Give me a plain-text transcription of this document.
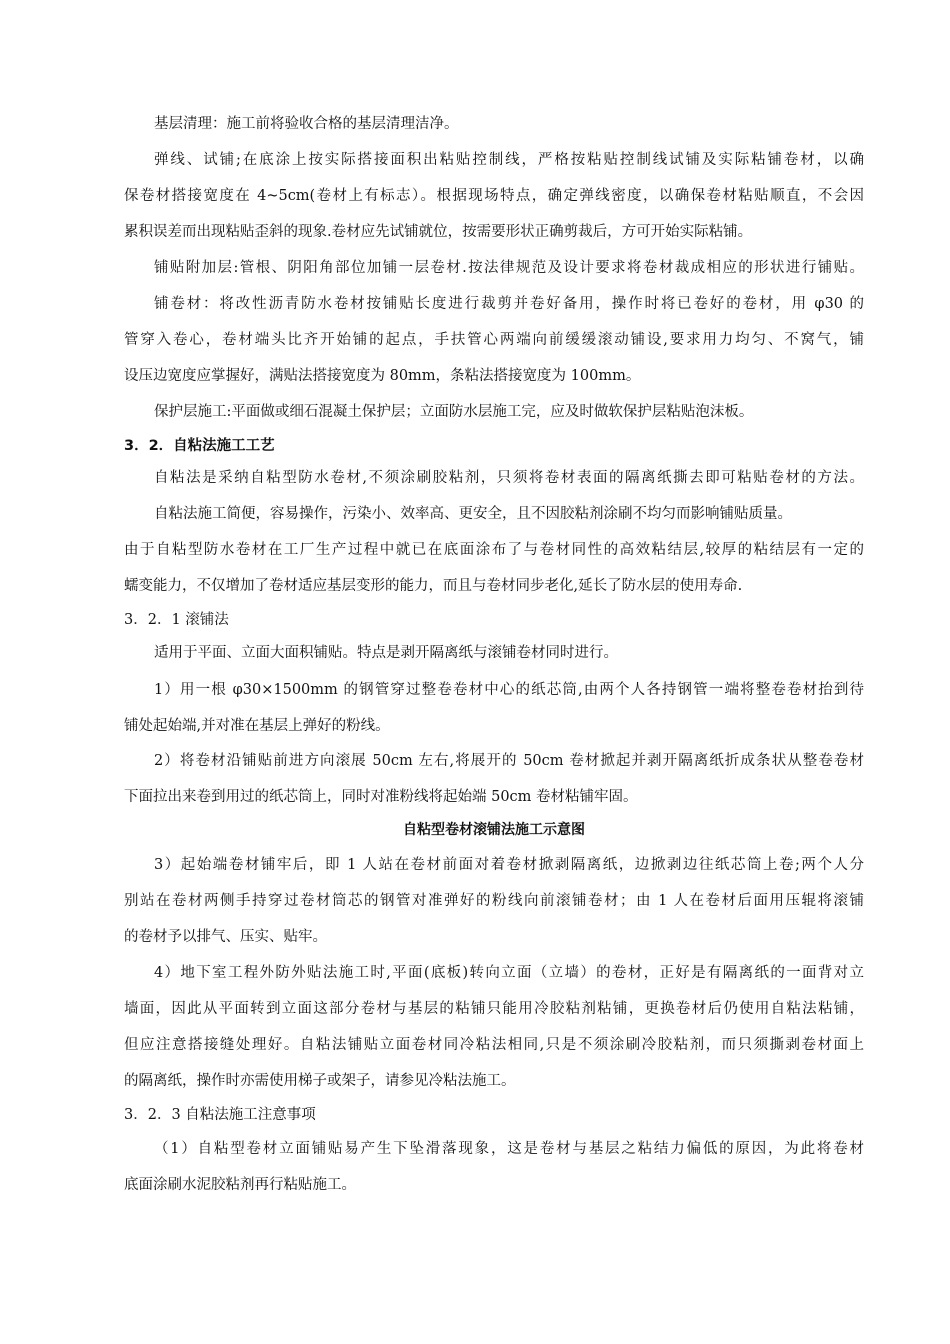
基层清理：施工前将验收合格的基层清理洁净。
弹线、试铺;在底涂上按实际搭接面积出粘贴控制线，严格按粘贴控制线试铺及实际粘铺卷材，以确
保卷材搭接宽度在 4~5cm(卷材上有标志）。根据现场特点，确定弹线密度，以确保卷材粘贴顺直，不会因
累积误差而出现粘贴歪斜的现象.卷材应先试铺就位，按需要形状正确剪裁后，方可开始实际粘铺。
铺贴附加层:管根、阴阳角部位加铺一层卷材.按法律规范及设计要求将卷材裁成相应的形状进行铺贴。
铺卷材：将改性沥青防水卷材按铺贴长度进行裁剪并卷好备用，操作时将已卷好的卷材，用 φ30 的
管穿入卷心，卷材端头比齐开始铺的起点，手扶管心两端向前缓缓滚动铺设,要求用力均匀、不窝气，铺
设压边宽度应掌握好，满贴法搭接宽度为 80mm，条粘法搭接宽度为 100mm。
保护层施工:平面做或细石混凝土保护层；立面防水层施工完，应及时做软保护层粘贴泡沫板。
3．2．自粘法施工工艺
自粘法是采纳自粘型防水卷材,不须涂刷胶粘剂，只须将卷材表面的隔离纸撕去即可粘贴卷材的方法。
自粘法施工简便，容易操作，污染小、效率高、更安全，且不因胶粘剂涂刷不均匀而影响铺贴质量。
由于自粘型防水卷材在工厂生产过程中就已在底面涂布了与卷材同性的高效粘结层,较厚的粘结层有一定的
蠕变能力，不仅增加了卷材适应基层变形的能力，而且与卷材同步老化,延长了防水层的使用寿命.
3．2．1 滚铺法
适用于平面、立面大面积铺贴。特点是剥开隔离纸与滚铺卷材同时进行。
1）用一根 φ30×1500mm 的钢管穿过整卷卷材中心的纸芯筒,由两个人各持钢管一端将整卷卷材抬到待
铺处起始端,并对准在基层上弹好的粉线。
2）将卷材沿铺贴前进方向滚展 50cm 左右,将展开的 50cm 卷材掀起并剥开隔离纸折成条状从整卷卷材
下面拉出来卷到用过的纸芯筒上，同时对准粉线将起始端 50cm 卷材粘铺牢固。
自粘型卷材滚铺法施工示意图
3）起始端卷材铺牢后，即 1 人站在卷材前面对着卷材掀剥隔离纸，边掀剥边往纸芯筒上卷;两个人分
别站在卷材两侧手持穿过卷材筒芯的钢管对准弹好的粉线向前滚铺卷材；由 1 人在卷材后面用压辊将滚铺
的卷材予以排气、压实、贴牢。
4）地下室工程外防外贴法施工时,平面(底板)转向立面（立墙）的卷材，正好是有隔离纸的一面背对立
墙面，因此从平面转到立面这部分卷材与基层的粘铺只能用冷胶粘剂粘铺，更换卷材后仍使用自粘法粘铺，
但应注意搭接缝处理好。自粘法铺贴立面卷材同冷粘法相同,只是不须涂刷冷胶粘剂，而只须撕剥卷材面上
的隔离纸，操作时亦需使用梯子或架子，请参见冷粘法施工。
3．2．3 自粘法施工注意事项
（1）自粘型卷材立面铺贴易产生下坠滑落现象，这是卷材与基层之粘结力偏低的原因，为此将卷材
底面涂刷水泥胶粘剂再行粘贴施工。
